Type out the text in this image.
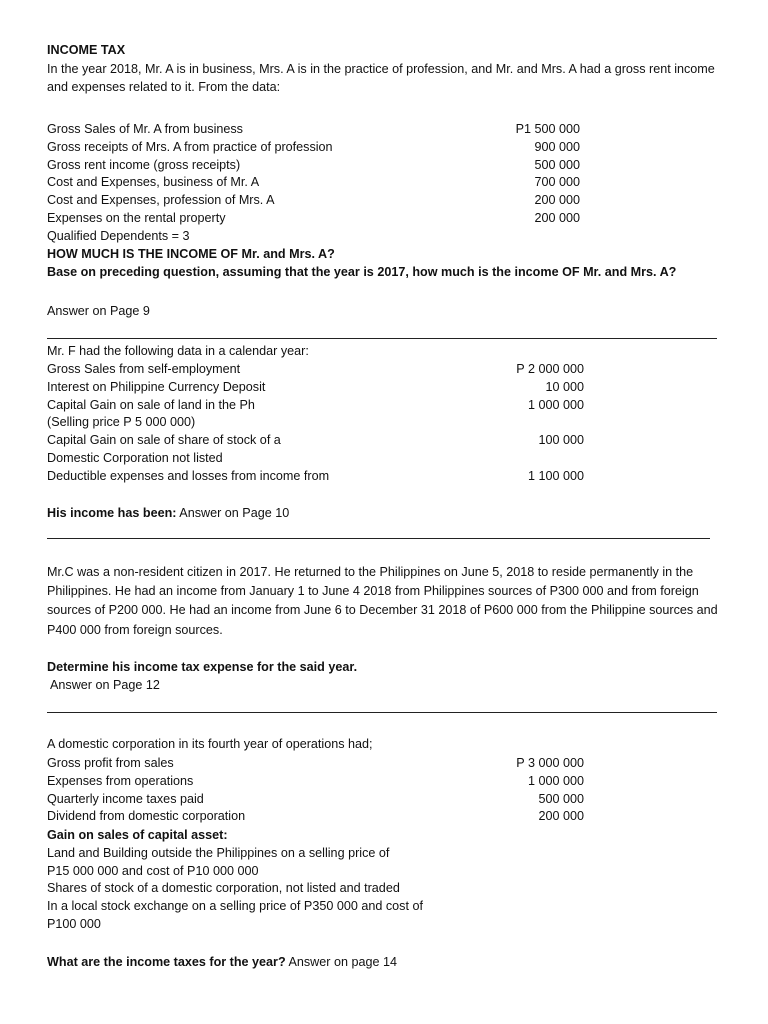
INCOME TAX
In the year 2018, Mr. A is in business, Mrs. A is in the practice of profession, and Mr. and Mrs. A had a gross rent income and expenses related to it. From the data:
Gross Sales of Mr. A from business	P1 500 000
Gross receipts of Mrs. A from practice of profession	900 000
Gross rent income (gross receipts)	500 000
Cost and Expenses, business of Mr. A	700 000
Cost and Expenses, profession of Mrs. A	200 000
Expenses on the rental property	200 000
Qualified Dependents = 3
HOW MUCH IS THE INCOME OF Mr. and Mrs. A?
Base on preceding question, assuming that the year is 2017, how much is the income OF Mr. and Mrs. A?
Answer on Page 9
Mr. F had the following data in a calendar year:
Gross Sales from self-employment	P 2 000 000
Interest on Philippine Currency Deposit	10 000
Capital Gain on sale of land in the Ph	1 000 000
(Selling price P 5 000 000)
Capital Gain on sale of share of stock of a	100 000
Domestic Corporation not listed
Deductible expenses and losses from income from	1 100 000
His income has been: Answer on Page 10
Mr.C was a non-resident citizen in 2017. He returned to the Philippines on June 5, 2018 to reside permanently in the Philippines. He had an income from January 1 to June 4 2018 from Philippines sources of P300 000 and from foreign sources of P200 000. He had an income from June 6 to December 31 2018 of P600 000 from the Philippine sources and P400 000 from foreign sources.
Determine his income tax expense for the said year.
Answer on Page 12
A domestic corporation in its fourth year of operations had;
Gross profit from sales	P 3 000 000
Expenses from operations	1 000 000
Quarterly income taxes paid	500 000
Dividend from domestic corporation	200 000
Gain on sales of capital asset:
Land and Building outside the Philippines on a selling price of
P15 000 000 and cost of P10 000 000
Shares of stock of a domestic corporation, not listed and traded
In a local stock exchange on a selling price of P350 000 and cost of
P100 000
What are the income taxes for the year? Answer on page 14
